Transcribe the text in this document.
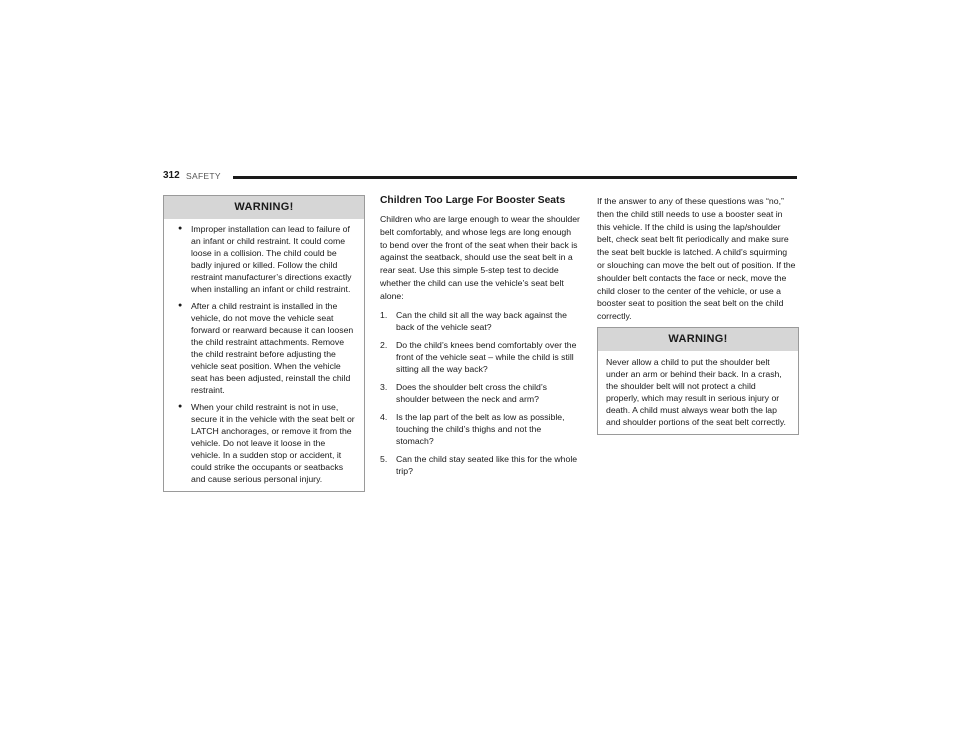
312 SAFETY
WARNING!
● Improper installation can lead to failure of an infant or child restraint. It could come loose in a collision. The child could be badly injured or killed. Follow the child restraint manufacturer’s directions exactly when installing an infant or child restraint.
● After a child restraint is installed in the vehicle, do not move the vehicle seat forward or rearward because it can loosen the child restraint attachments. Remove the child restraint before adjusting the vehicle seat position. When the vehicle seat has been adjusted, reinstall the child restraint.
● When your child restraint is not in use, secure it in the vehicle with the seat belt or LATCH anchorages, or remove it from the vehicle. Do not leave it loose in the vehicle. In a sudden stop or accident, it could strike the occupants or seatbacks and cause serious personal injury.
Children Too Large For Booster Seats
Children who are large enough to wear the shoulder belt comfortably, and whose legs are long enough to bend over the front of the seat when their back is against the seatback, should use the seat belt in a rear seat. Use this simple 5-step test to decide whether the child can use the vehicle’s seat belt alone:
1.	Can the child sit all the way back against the back of the vehicle seat?
2.	Do the child’s knees bend comfortably over the front of the vehicle seat – while the child is still sitting all the way back?
3.	Does the shoulder belt cross the child’s shoulder between the neck and arm?
4.	Is the lap part of the belt as low as possible, touching the child’s thighs and not the stomach?
5.	Can the child stay seated like this for the whole trip?
If the answer to any of these questions was “no,” then the child still needs to use a booster seat in this vehicle. If the child is using the lap/shoulder belt, check seat belt fit periodically and make sure the seat belt buckle is latched. A child’s squirming or slouching can move the belt out of position. If the shoulder belt contacts the face or neck, move the child closer to the center of the vehicle, or use a booster seat to position the seat belt on the child correctly.
WARNING!
Never allow a child to put the shoulder belt under an arm or behind their back. In a crash, the shoulder belt will not protect a child properly, which may result in serious injury or death. A child must always wear both the lap and shoulder portions of the seat belt correctly.
